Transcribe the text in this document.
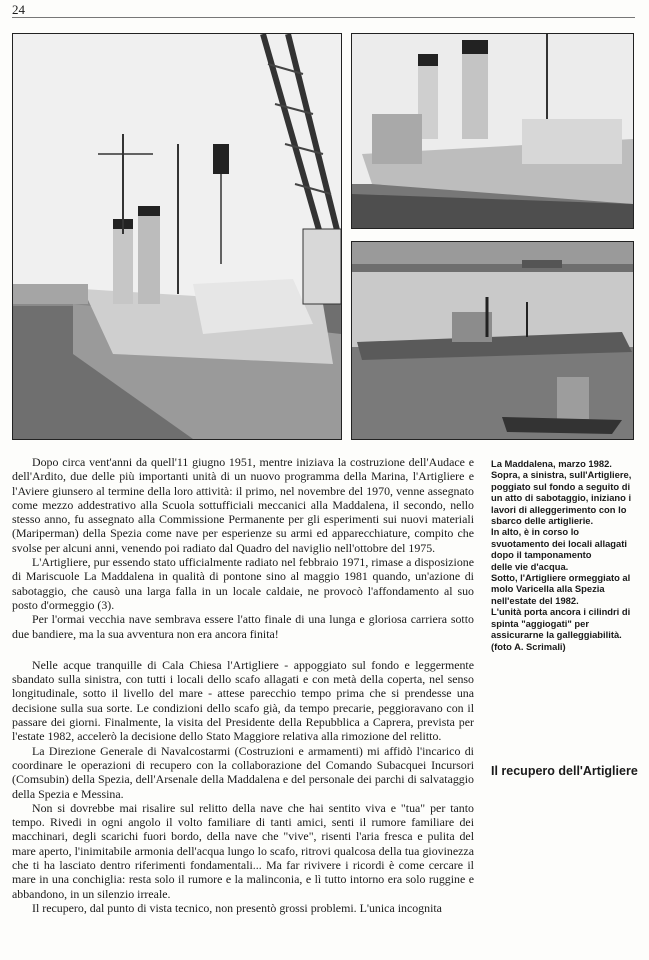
24

Dopo circa vent'anni da quell'11 giugno 1951, mentre iniziava la costruzione dell'Audace e dell'Ardito, due delle più importanti unità di un nuovo programma della Marina, l'Artigliere e l'Aviere giunsero al termine della loro attività: il primo, nel novembre del 1970, venne assegnato come mezzo addestrativo alla Scuola sottufficiali meccanici alla Maddalena, il secondo, nello stesso anno, fu assegnato alla Commissione Permanente per gli esperimenti sui nuovi materiali (Mariperman) della Spezia come nave per esperienze su armi ed apparecchiature, compito che svolse per alcuni anni, venendo poi radiato dal Quadro del naviglio nell'ottobre del 1975.

L'Artigliere, pur essendo stato ufficialmente radiato nel febbraio 1971, rimase a disposizione di Mariscuole La Maddalena in qualità di pontone sino al maggio 1981 quando, un'azione di sabotaggio, che causò una larga falla in un locale caldaie, ne provocò l'affondamento al suo posto d'ormeggio (3).

Per l'ormai vecchia nave sembrava essere l'atto finale di una lunga e gloriosa carriera sotto due bandiere, ma la sua avventura non era ancora finita!

Nelle acque tranquille di Cala Chiesa l'Artigliere - appoggiato sul fondo e leggermente sbandato sulla sinistra, con tutti i locali dello scafo allagati e con metà della coperta, nel senso longitudinale, sotto il livello del mare - attese parecchio tempo prima che si prendesse una decisione sulla sua sorte. Le condizioni dello scafo già, da tempo precarie, peggioravano con il passare dei giorni. Finalmente, la visita del Presidente della Repubblica a Caprera, prevista per l'estate 1982, accelerò la decisione dello Stato Maggiore relativa alla rimozione del relitto.

La Direzione Generale di Navalcostarmi (Costruzioni e armamenti) mi affidò l'incarico di coordinare le operazioni di recupero con la collaborazione del Comando Subacquei Incursori (Comsubin) della Spezia, dell'Arsenale della Maddalena e del personale dei parchi di salvataggio della Spezia e Messina.

Non si dovrebbe mai risalire sul relitto della nave che hai sentito viva e "tua" per tanto tempo. Rivedi in ogni angolo il volto familiare di tanti amici, senti il rumore familiare dei macchinari, degli scarichi fuori bordo, della nave che "vive", risenti l'aria fresca e pulita del mare aperto, l'inimitabile armonia dell'acqua lungo lo scafo, ritrovi qualcosa della tua giovinezza che ti ha lasciato dentro riferimenti fondamentali... Ma far rivivere i ricordi è come cercare il mare in una conchiglia: resta solo il rumore e la malinconia, e lì tutto intorno era solo ruggine e abbandono, in un silenzio irreale.

Il recupero, dal punto di vista tecnico, non presentò grossi problemi. L'unica incognita

La Maddalena, marzo 1982.
Sopra, a sinistra, sull'Artigliere,
poggiato sul fondo a seguito di
un atto di sabotaggio, iniziano i
lavori di alleggerimento con lo
sbarco delle artiglierie.
In alto, è in corso lo
svuotamento dei locali allagati
dopo il tamponamento
delle vie d'acqua.
Sotto, l'Artigliere ormeggiato al
molo Varicella alla Spezia
nell'estate del 1982.
L'unità porta ancora i cilindri di
spinta "aggiogati" per
assicurarne la galleggiabilità.
(foto A. Scrimali)
Il recupero dell'Artigliere
